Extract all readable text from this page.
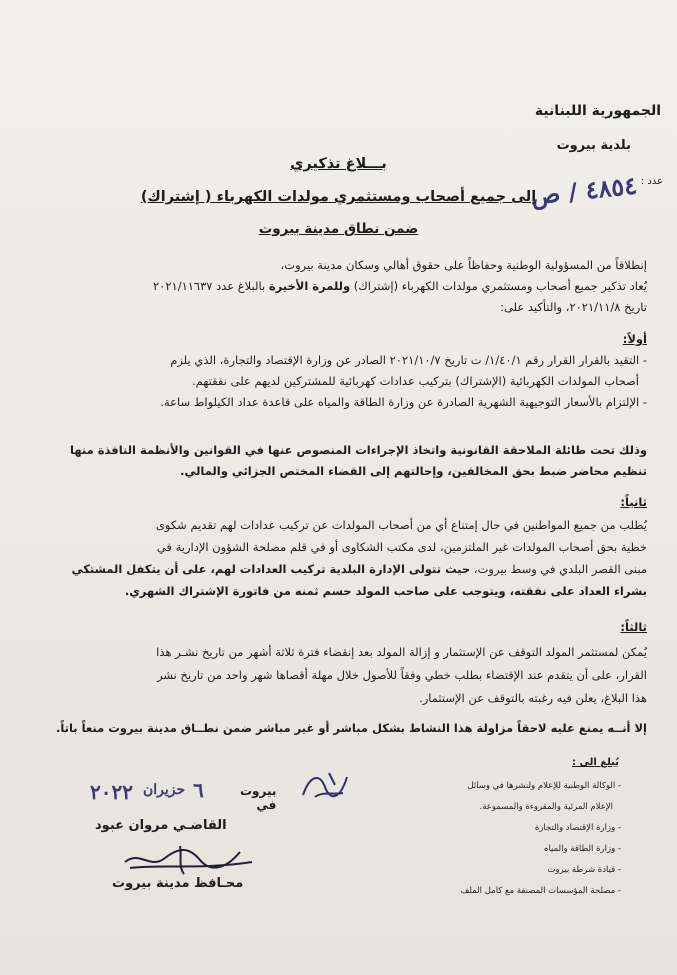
الجمهورية اللبنانية
بلدية بيروت
عدد :
٤٨٥٤ / ص
بـــلاغ تذكيري
إلى جميع أصحاب ومستثمري مولدات الكهرباء ( إشتراك)
ضمن نطاق مدينة بيروت
إنطلاقاً من المسؤولية الوطنية وحفاظاً على حقوق أهالي وسكان مدينة بيروت،
يُعاد تذكير جميع أصحاب ومستثمري مولدات الكهرباء (إشتراك) وللمرة الأخيرة بالبلاغ عدد ٢٠٢١/١١٦٣٧
تاريخ ٢٠٢١/١١/٨، والتأكيد على:
أولاً:
- التقيد بالقرار القرار رقم ١/٤٠/١/ ت تاريخ ٢٠٢١/١٠/٧ الصادر عن وزارة الإقتصاد والتجارة، الذي يلزم
أصحاب المولدات الكهربائية (الإشتراك) بتركيب عدادات كهربائية للمشتركين لديهم على نفقتهم.
- الإلتزام بالأسعار التوجيهية الشهرية الصادرة عن وزارة الطاقة والمياه على قاعدة عداد الكيلواط ساعة.
وذلك تحت طائلة الملاحقة القانونية واتخاذ الإجراءات المنصوص عنها في القوانين والأنظمة النافذة منها
تنظيم محاضر ضبط بحق المخالفين، وإحالتهم إلى القضاء المختص الجزائي والمالي.
ثانياً:
يُطلب من جميع المواطنين في حال إمتناع أي من أصحاب المولدات عن تركيب عدادات لهم تقديم شكوى
خطية بحق أصحاب المولدات غير الملتزمين، لدى مكتب الشكاوى أو في قلم مصلحة الشؤون الإدارية في
مبنى القصر البلدي في وسط بيروت، حيث تتولى الإدارة البلدية تركيب العدادات لهم، على أن يتكفل المشتكي
بشراء العداد على نفقته، ويتوجب على صاحب المولد حسم ثمنه من فاتورة الإشتراك الشهري.
ثالثاً:
يُمكن لمستثمر المولد التوقف عن الإستثمار و إزالة المولد بعد إنقضاء فترة ثلاثة أشهر من تاريخ نشـر هذا
القرار، على أن يتقدم عند الإقتضاء بطلب خطي وفقاً للأصول خلال مهلة أقصاها شهر واحد من تاريخ نشر
هذا البلاغ، يعلن فيه رغبته بالتوقف عن الإستثمار.
إلا أنــه يمنع عليه لاحقاً مزاولة هذا النشاط بشكل مباشر أو غير مباشر ضمن نطــاق مدينة بيروت منعاً باتاً.
يُبلغ الى :
- الوكالة الوطنية للإعلام ولنشرها في وسائل
الإعلام المرئية والمقروءة والمسموعة.
- وزارة الإقتصاد والتجارة
- وزارة الطاقة والمياه
- قيادة شرطة بيروت
- مصلحة المؤسسات المصنفة مع كامل الملف
بيروت في
٦
حزيران
٢٠٢٢
القاضـي مروان عبود
محـافظ مدينة بيروت
